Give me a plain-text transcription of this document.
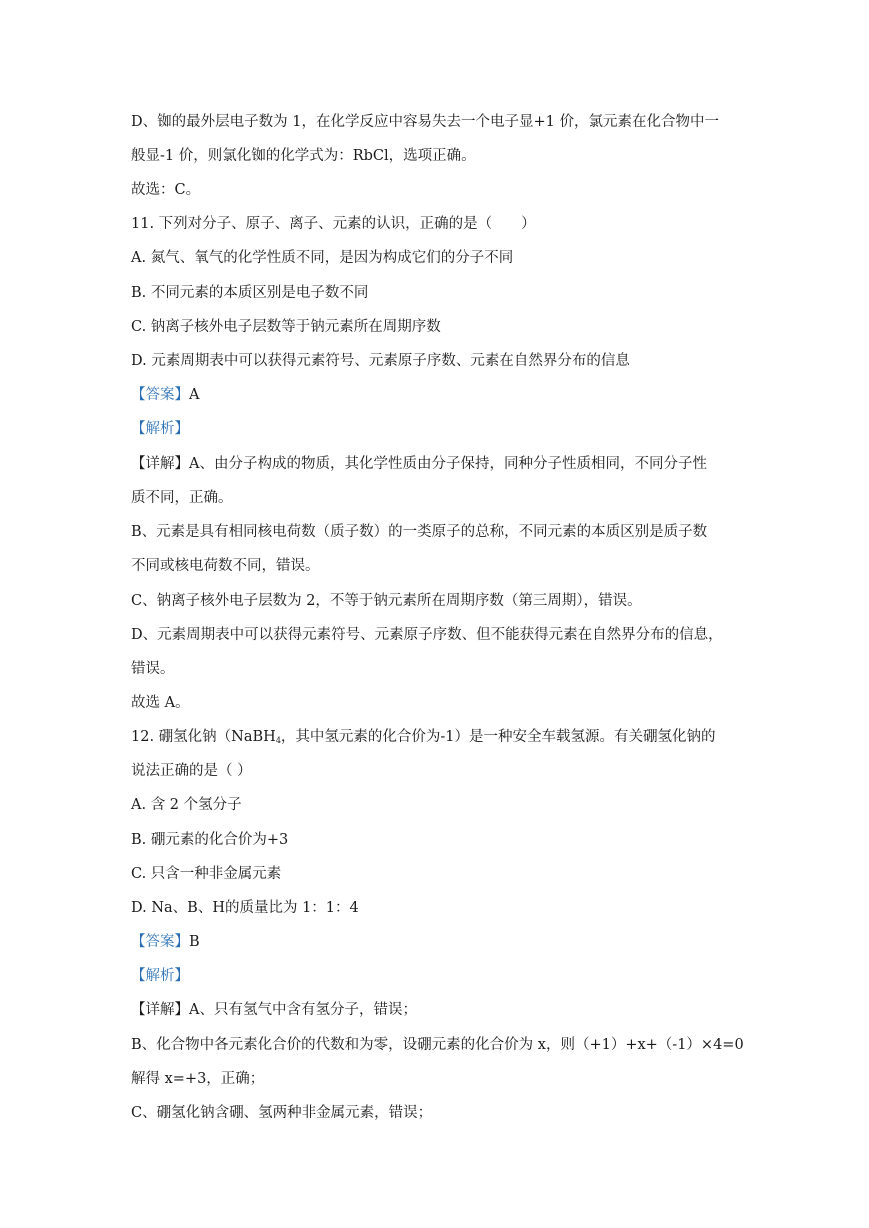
D、铷的最外层电子数为 1，在化学反应中容易失去一个电子显+1 价，氯元素在化合物中一
般显-1 价，则氯化铷的化学式为：RbCl，选项正确。
故选：C。
11. 下列对分子、原子、离子、元素的认识，正确的是（　　）
A. 氮气、氧气的化学性质不同，是因为构成它们的分子不同
B. 不同元素的本质区别是电子数不同
C. 钠离子核外电子层数等于钠元素所在周期序数
D. 元素周期表中可以获得元素符号、元素原子序数、元素在自然界分布的信息
【答案】A
【解析】
【详解】A、由分子构成的物质，其化学性质由分子保持，同种分子性质相同，不同分子性
质不同，正确。
B、元素是具有相同核电荷数（质子数）的一类原子的总称，不同元素的本质区别是质子数
不同或核电荷数不同，错误。
C、钠离子核外电子层数为 2，不等于钠元素所在周期序数（第三周期），错误。
D、元素周期表中可以获得元素符号、元素原子序数、但不能获得元素在自然界分布的信息，
错误。
故选 A。
12. 硼氢化钠（NaBH$_4$，其中氢元素的化合价为-1）是一种安全车载氢源。有关硼氢化钠的
说法正确的是（ ）
A. 含 2 个氢分子
B. 硼元素的化合价为+3
C. 只含一种非金属元素
D. Na、B、H的质量比为 1：1：4
【答案】B
【解析】
【详解】A、只有氢气中含有氢分子，错误；
B、化合物中各元素化合价的代数和为零，设硼元素的化合价为 x，则（+1）+x+（-1）×4=0
解得 x=+3，正确；
C、硼氢化钠含硼、氢两种非金属元素，错误；
